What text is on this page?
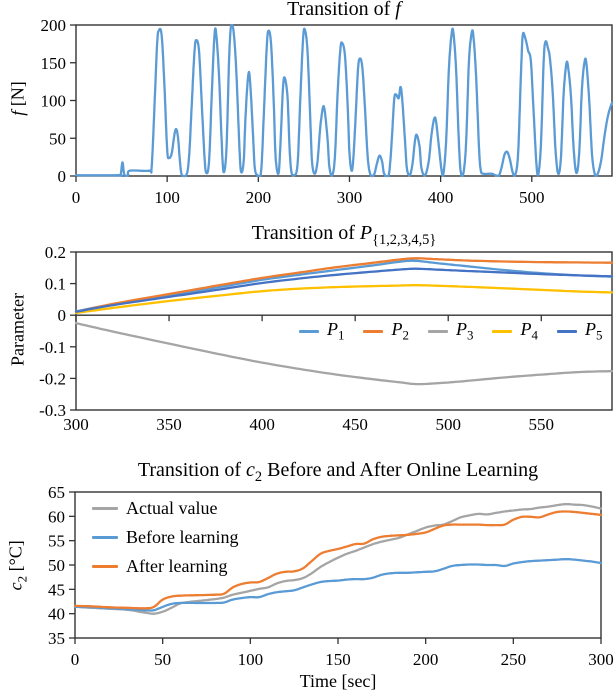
0
50
100
150
200
0	100	200	300	400	500
Transition of f
f [N]
0.2
0.1
0
-0.1
-0.2
-0.3
300	350	400	450	500	550
Transition of $P_{\{1,2,3,4,5\}}$
Parameter	$P_1$	$P_2$	$P_3$	$P_4$	$P_5$
35
40
45
50
55
60
65
0	50	100	150	200	250	300
Transition of $c_2$ Before and After Online Learning
$c_2$ [°C]
Actual value
Before learning
After learning
Time [sec]
